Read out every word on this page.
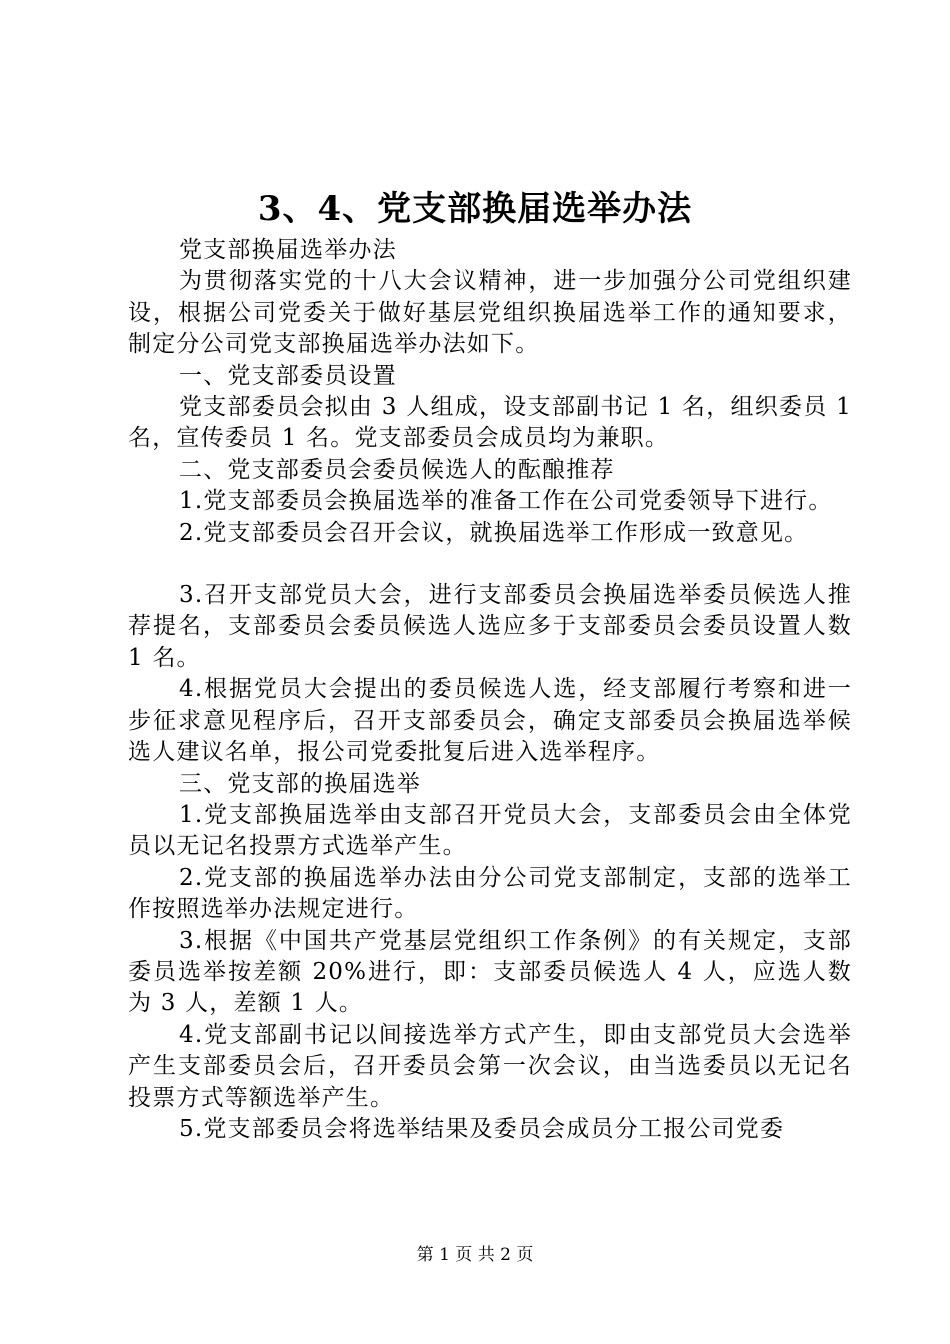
3、4、党支部换届选举办法

党支部换届选举办法

为贯彻落实党的十八大会议精神，进一步加强分公司党组织建设，根据公司党委关于做好基层党组织换届选举工作的通知要求，制定分公司党支部换届选举办法如下。

一、党支部委员设置

党支部委员会拟由 3 人组成，设支部副书记 1 名，组织委员 1 名，宣传委员 1 名。党支部委员会成员均为兼职。

二、党支部委员会委员候选人的酝酿推荐

1.党支部委员会换届选举的准备工作在公司党委领导下进行。

2.党支部委员会召开会议，就换届选举工作形成一致意见。

3.召开支部党员大会，进行支部委员会换届选举委员候选人推荐提名，支部委员会委员候选人选应多于支部委员会委员设置人数 1 名。

4.根据党员大会提出的委员候选人选，经支部履行考察和进一步征求意见程序后，召开支部委员会，确定支部委员会换届选举候选人建议名单，报公司党委批复后进入选举程序。

三、党支部的换届选举

1.党支部换届选举由支部召开党员大会，支部委员会由全体党员以无记名投票方式选举产生。

2.党支部的换届选举办法由分公司党支部制定，支部的选举工作按照选举办法规定进行。

3.根据《中国共产党基层党组织工作条例》的有关规定，支部委员选举按差额 20%进行，即：支部委员候选人 4 人，应选人数为 3 人，差额 1 人。

4.党支部副书记以间接选举方式产生，即由支部党员大会选举产生支部委员会后，召开委员会第一次会议，由当选委员以无记名投票方式等额选举产生。

5.党支部委员会将选举结果及委员会成员分工报公司党委

第 1 页 共 2 页
